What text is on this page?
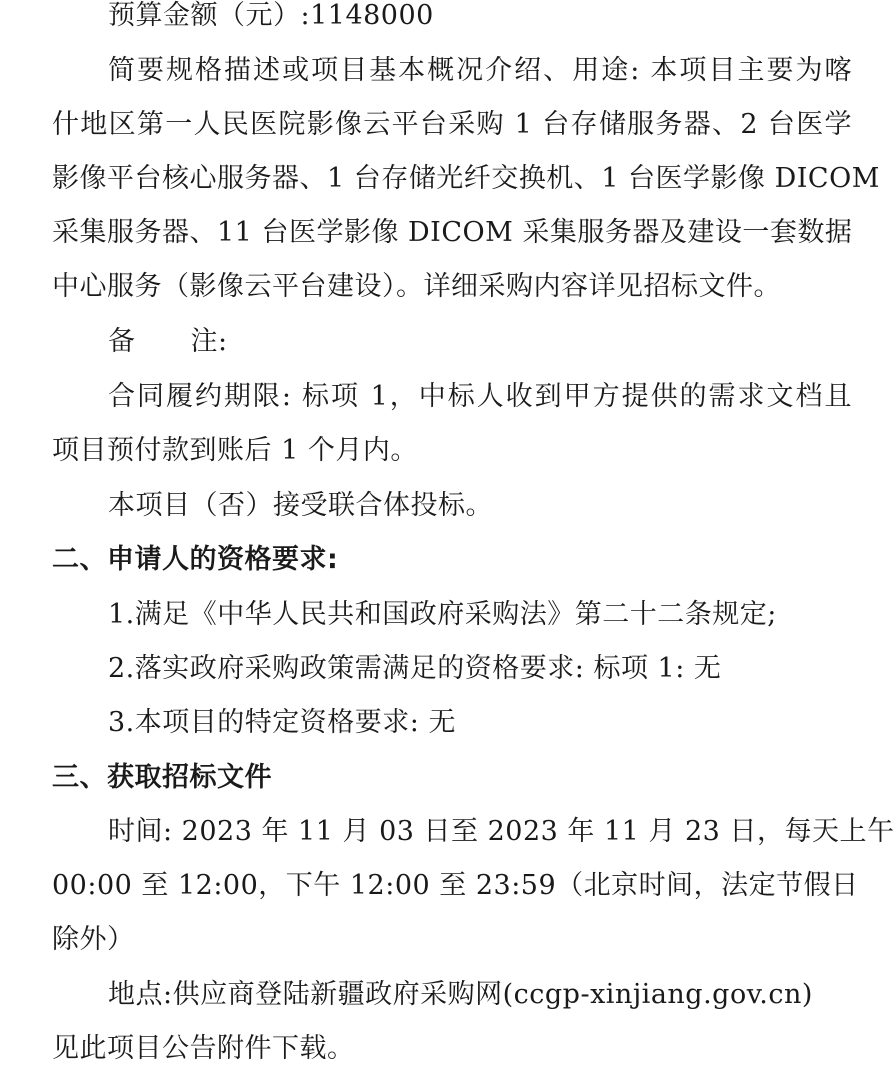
预算金额（元）:1148000
简要规格描述或项目基本概况介绍、用途: 本项目主要为喀
什地区第一人民医院影像云平台采购 1 台存储服务器、2 台医学
影像平台核心服务器、1 台存储光纤交换机、1 台医学影像 DICOM
采集服务器、11 台医学影像 DICOM 采集服务器及建设一套数据
中心服务（影像云平台建设）。详细采购内容详见招标文件。
备　　注:
合同履约期限: 标项 1，中标人收到甲方提供的需求文档且
项目预付款到账后 1 个月内。
本项目（否）接受联合体投标。
二、申请人的资格要求:
1.满足《中华人民共和国政府采购法》第二十二条规定;
2.落实政府采购政策需满足的资格要求: 标项 1: 无
3.本项目的特定资格要求: 无
三、获取招标文件
时间: 2023 年 11 月 03 日至 2023 年 11 月 23 日，每天上午
00:00 至 12:00，下午 12:00 至 23:59（北京时间，法定节假日
除外）
地点:供应商登陆新疆政府采购网(ccgp-xinjiang.gov.cn)
见此项目公告附件下载。
